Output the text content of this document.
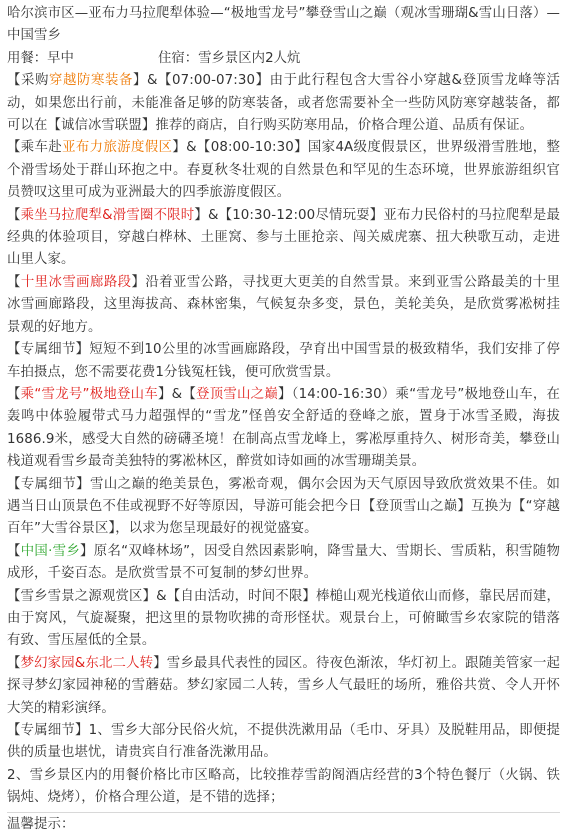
哈尔滨市区—亚布力马拉爬犁体验—“极地雪龙号”攀登雪山之巅（观冰雪珊瑚&雪山日落）—中国雪乡

用餐：早中	住宿：雪乡景区内2人炕

【采购穿越防寒装备】&【07:00-07:30】由于此行程包含大雪谷小穿越&登顶雪龙峰等活动，如果您出行前，未能准备足够的防寒装备，或者您需要补全一些防风防寒穿越装备，都可以在【诚信冰雪联盟】推荐的商店，自行购买防寒用品，价格合理公道、品质有保证。

【乘车赴亚布力旅游度假区】&【08:00-10:30】国家4A级度假景区，世界级滑雪胜地，整个滑雪场处于群山环抱之中。春夏秋冬壮观的自然景色和罕见的生态环境，世界旅游组织官员赞叹这里可成为亚洲最大的四季旅游度假区。

【乘坐马拉爬犁&滑雪圈不限时】&【10:30-12:00尽情玩耍】亚布力民俗村的马拉爬犁是最经典的体验项目，穿越白桦林、土匪窝、参与土匪抢亲、闯关威虎寨、扭大秧歌互动，走进山里人家。

【十里冰雪画廊路段】沿着亚雪公路，寻找更大更美的自然雪景。来到亚雪公路最美的十里冰雪画廊路段，这里海拔高、森林密集，气候复杂多变，景色，美轮美奂，是欣赏雾凇树挂景观的好地方。

【专属细节】短短不到10公里的冰雪画廊路段，孕育出中国雪景的极致精华，我们安排了停车拍摄点，您不需要花费1分钱冤枉钱，便可欣赏雪景。

【乘“雪龙号”极地登山车】&【登顶雪山之巅】（14:00-16:30）乘“雪龙号”极地登山车，在轰鸣中体验履带式马力超强悍的“雪龙”怪兽安全舒适的登峰之旅，置身于冰雪圣殿，海拔1686.9米，感受大自然的磅礴圣境！在制高点雪龙峰上，雾凇厚重持久、树形奇美，攀登山栈道观看雪乡最奇美独特的雾凇林区，醉赏如诗如画的冰雪珊瑚美景。

【专属细节】雪山之巅的绝美景色，雾凇奇观，偶尔会因为天气原因导致欣赏效果不佳。如遇当日山顶景色不佳或视野不好等原因，导游可能会把今日【登顶雪山之巅】互换为【“穿越百年”大雪谷景区】，以求为您呈现最好的视觉盛宴。

【中国·雪乡】原名“双峰林场”，因受自然因素影响，降雪量大、雪期长、雪质粘，积雪随物成形，千姿百态。是欣赏雪景不可复制的梦幻世界。

【雪乡雪景之源观赏区】&【自由活动，时间不限】棒槌山观光栈道依山而修，靠民居而建，由于窝风，气旋凝聚，把这里的景物吹拂的奇形怪状。观景台上，可俯瞰雪乡农家院的错落有致、雪压屋低的全景。

【梦幻家园&东北二人转】雪乡最具代表性的园区。待夜色渐浓，华灯初上。跟随美管家一起探寻梦幻家园神秘的雪蘑菇。梦幻家园二人转，雪乡人气最旺的场所，雅俗共赏、令人开怀大笑的精彩演绎。

【专属细节】1、雪乡大部分民俗火炕，不提供洗漱用品（毛巾、牙具）及脱鞋用品，即便提供的质量也堪忧，请贵宾自行准备洗漱用品。

2、雪乡景区内的用餐价格比市区略高，比较推荐雪韵阁酒店经营的3个特色餐厅（火锅、铁锅炖、烧烤），价格合理公道，是不错的选择；

温馨提示：
